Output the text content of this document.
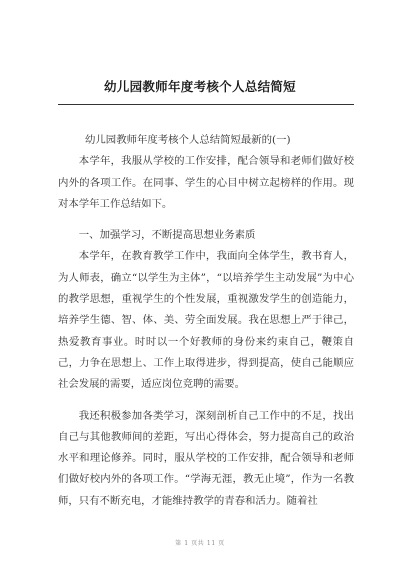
幼儿园教师年度考核个人总结简短

幼儿园教师年度考核个人总结简短最新的(一)

本学年，我服从学校的工作安排，配合领导和老师们做好校内外的各项工作。在同事、学生的心目中树立起榜样的作用。现对本学年工作总结如下。

一、加强学习，不断提高思想业务素质

本学年，在教育教学工作中，我面向全体学生，教书育人，为人师表，确立“以学生为主体”，“以培养学生主动发展”为中心的教学思想，重视学生的个性发展，重视激发学生的创造能力，培养学生德、智、体、美、劳全面发展。我在思想上严于律己，热爱教育事业。时时以一个好教师的身份来约束自己，鞭策自己，力争在思想上、工作上取得进步，得到提高，使自己能顺应社会发展的需要，适应岗位竞聘的需要。

我还积极参加各类学习，深刻剖析自己工作中的不足，找出自己与其他教师间的差距，写出心得体会，努力提高自己的政治水平和理论修养。同时，服从学校的工作安排，配合领导和老师们做好校内外的各项工作。“学海无涯，教无止境”，作为一名教师，只有不断充电，才能维持教学的青春和活力。随着社

第 1 页共 11 页
